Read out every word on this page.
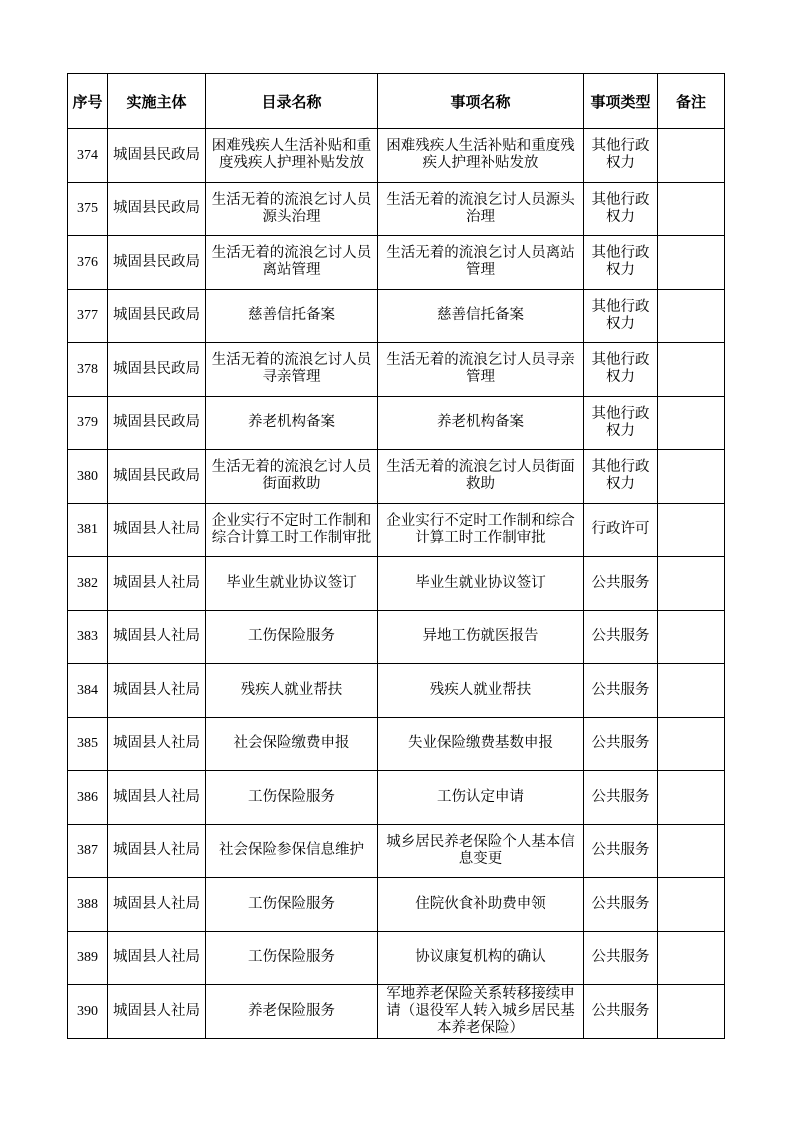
序号	实施主体	目录名称	事项名称	事项类型	备注
374	城固县民政局	困难残疾人生活补贴和重度残疾人护理补贴发放	困难残疾人生活补贴和重度残疾人护理补贴发放	其他行政权力	
375	城固县民政局	生活无着的流浪乞讨人员源头治理	生活无着的流浪乞讨人员源头治理	其他行政权力	
376	城固县民政局	生活无着的流浪乞讨人员离站管理	生活无着的流浪乞讨人员离站管理	其他行政权力	
377	城固县民政局	慈善信托备案	慈善信托备案	其他行政权力	
378	城固县民政局	生活无着的流浪乞讨人员寻亲管理	生活无着的流浪乞讨人员寻亲管理	其他行政权力	
379	城固县民政局	养老机构备案	养老机构备案	其他行政权力	
380	城固县民政局	生活无着的流浪乞讨人员街面救助	生活无着的流浪乞讨人员街面救助	其他行政权力	
381	城固县人社局	企业实行不定时工作制和综合计算工时工作制审批	企业实行不定时工作制和综合计算工时工作制审批	行政许可	
382	城固县人社局	毕业生就业协议签订	毕业生就业协议签订	公共服务	
383	城固县人社局	工伤保险服务	异地工伤就医报告	公共服务	
384	城固县人社局	残疾人就业帮扶	残疾人就业帮扶	公共服务	
385	城固县人社局	社会保险缴费申报	失业保险缴费基数申报	公共服务	
386	城固县人社局	工伤保险服务	工伤认定申请	公共服务	
387	城固县人社局	社会保险参保信息维护	城乡居民养老保险个人基本信息变更	公共服务	
388	城固县人社局	工伤保险服务	住院伙食补助费申领	公共服务	
389	城固县人社局	工伤保险服务	协议康复机构的确认	公共服务	
390	城固县人社局	养老保险服务	军地养老保险关系转移接续申请（退役军人转入城乡居民基本养老保险）	公共服务	
